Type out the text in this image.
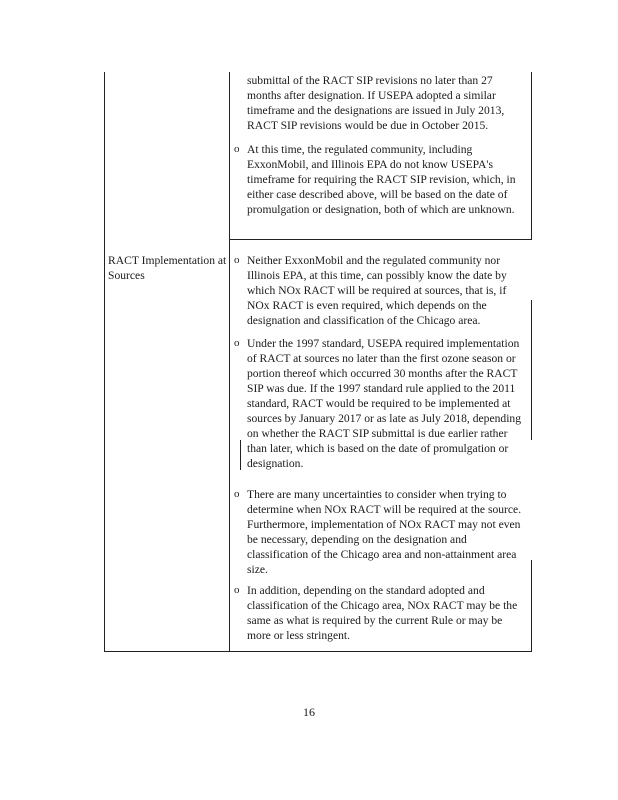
submittal of the RACT SIP revisions no later than 27 months after designation. If USEPA adopted a similar timeframe and the designations are issued in July 2013, RACT SIP revisions would be due in October 2015.
o At this time, the regulated community, including ExxonMobil, and Illinois EPA do not know USEPA's timeframe for requiring the RACT SIP revision, which, in either case described above, will be based on the date of promulgation or designation, both of which are unknown.
RACT Implementation at Sources
o Neither ExxonMobil and the regulated community nor Illinois EPA, at this time, can possibly know the date by which NOx RACT will be required at sources, that is, if NOx RACT is even required, which depends on the designation and classification of the Chicago area.
o Under the 1997 standard, USEPA required implementation of RACT at sources no later than the first ozone season or portion thereof which occurred 30 months after the RACT SIP was due. If the 1997 standard rule applied to the 2011 standard, RACT would be required to be implemented at sources by January 2017 or as late as July 2018, depending on whether the RACT SIP submittal is due earlier rather than later, which is based on the date of promulgation or designation.
o There are many uncertainties to consider when trying to determine when NOx RACT will be required at the source. Furthermore, implementation of NOx RACT may not even be necessary, depending on the designation and classification of the Chicago area and non-attainment area size.
o In addition, depending on the standard adopted and classification of the Chicago area, NOx RACT may be the same as what is required by the current Rule or may be more or less stringent.
16
